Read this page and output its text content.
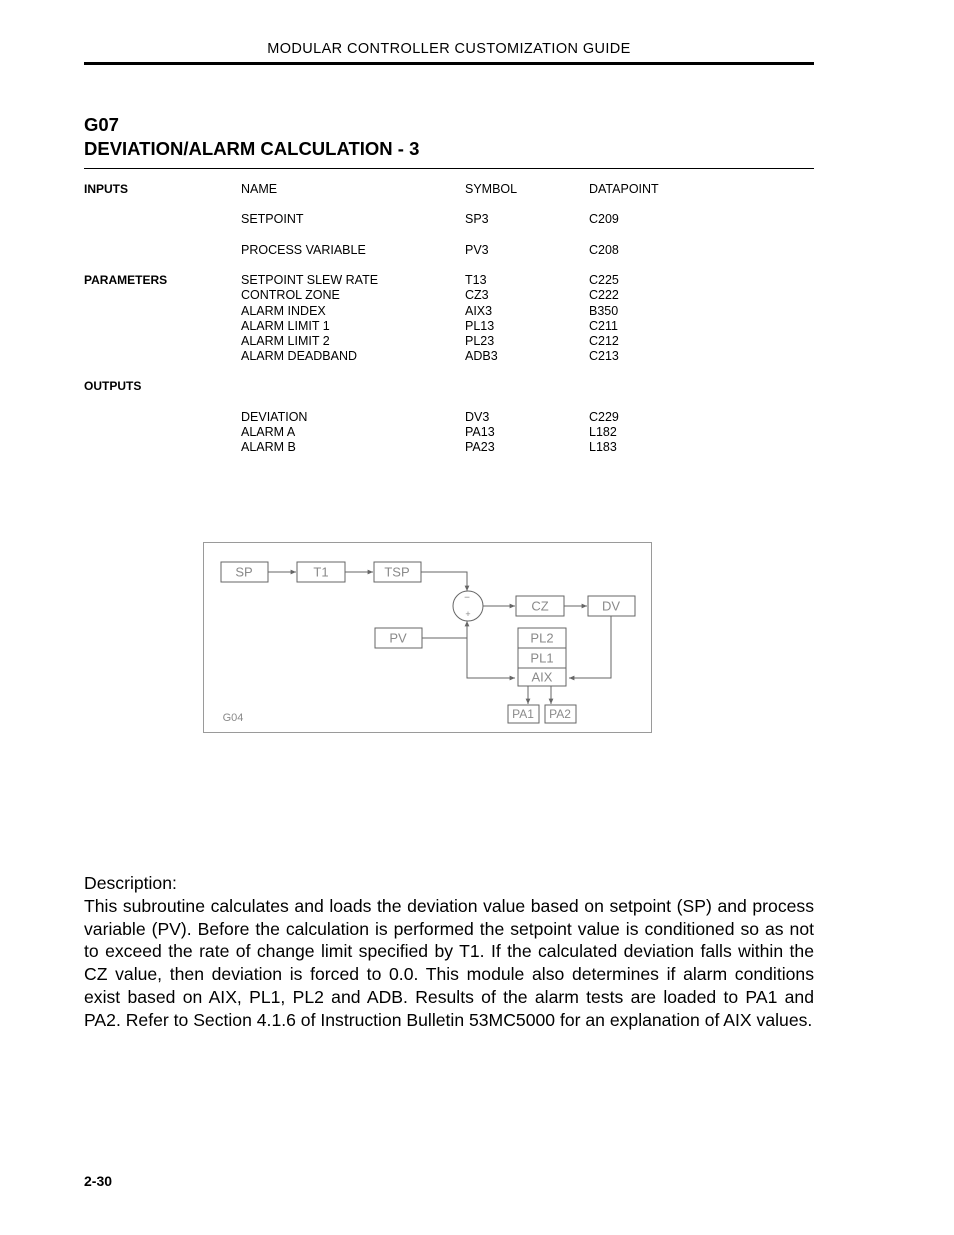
MODULAR CONTROLLER CUSTOMIZATION GUIDE
G07
DEVIATION/ALARM CALCULATION - 3
INPUTS	NAME	SYMBOL	DATAPOINT
SETPOINT	SP3	C209
PROCESS VARIABLE	PV3	C208
PARAMETERS	SETPOINT SLEW RATE	T13	C225
CONTROL ZONE	CZ3	C222
ALARM INDEX	AIX3	B350
ALARM LIMIT 1	PL13	C211
ALARM LIMIT 2	PL23	C212
ALARM DEADBAND	ADB3	C213
OUTPUTS
DEVIATION	DV3	C229
ALARM A	PA13	L182
ALARM B	PA23	L183
SP	T1	TSP
CZ	DV
PV	PL2
PL1
AIX
PA1 PA2
−
+
G04

Description:

This subroutine calculates and loads the deviation value based on setpoint (SP) and process variable (PV). Before the calculation is performed the setpoint value is conditioned so as not to exceed the rate of change limit specified by T1. If the calculated deviation falls within the CZ value, then deviation is forced to 0.0. This module also determines if alarm conditions exist based on AIX, PL1, PL2 and ADB. Results of the alarm tests are loaded to PA1 and PA2. Refer to Section 4.1.6 of Instruction Bulletin 53MC5000 for an explanation of AIX values.

2-30
